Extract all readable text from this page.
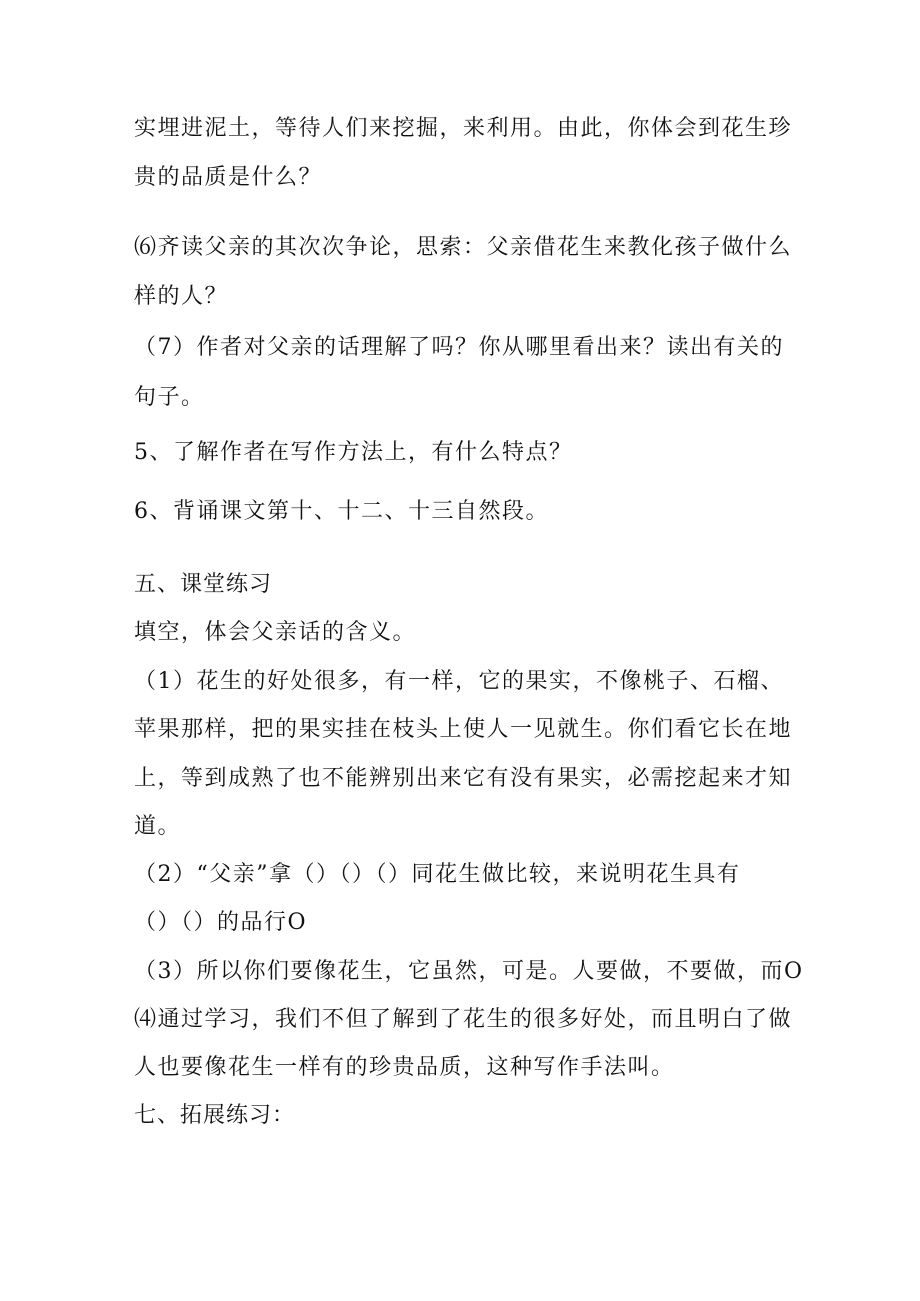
实埋进泥土，等待人们来挖掘，来利用。由此，你体会到花生珍
贵的品质是什么？
⑹齐读父亲的其次次争论，思索：父亲借花生来教化孩子做什么
样的人？
（7）作者对父亲的话理解了吗？你从哪里看出来？读出有关的
句子。
5、了解作者在写作方法上，有什么特点？
6、背诵课文第十、十二、十三自然段。
五、课堂练习
填空，体会父亲话的含义。
（1）花生的好处很多，有一样，它的果实，不像桃子、石榴、
苹果那样，把的果实挂在枝头上使人一见就生。你们看它长在地
上，等到成熟了也不能辨别出来它有没有果实，必需挖起来才知
道。
（2）“父亲”拿（）（）（）同花生做比较，来说明花生具有
（）（）的品行O
（3）所以你们要像花生，它虽然，可是。人要做，不要做，而O
⑷通过学习，我们不但了解到了花生的很多好处，而且明白了做
人也要像花生一样有的珍贵品质，这种写作手法叫。
七、拓展练习：
